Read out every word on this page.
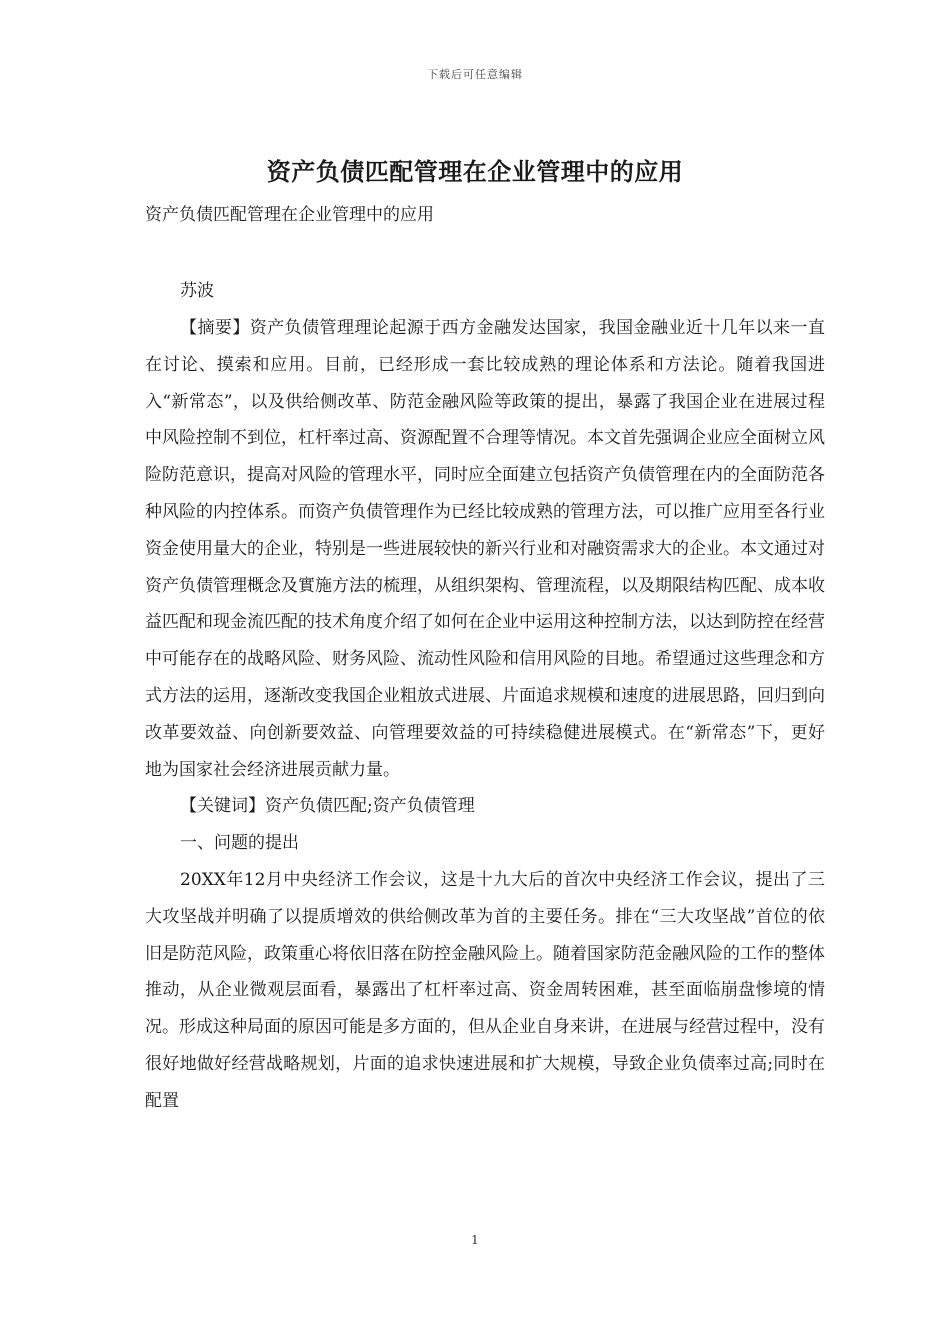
下载后可任意编辑
资产负债匹配管理在企业管理中的应用
资产负债匹配管理在企业管理中的应用
苏波

【摘要】资产负债管理理论起源于西方金融发达国家，我国金融业近十几年以来一直在讨论、摸索和应用。目前，已经形成一套比较成熟的理论体系和方法论。随着我国进入“新常态”，以及供给侧改革、防范金融风险等政策的提出，暴露了我国企业在进展过程中风险控制不到位，杠杆率过高、资源配置不合理等情况。本文首先强调企业应全面树立风险防范意识，提高对风险的管理水平，同时应全面建立包括资产负债管理在内的全面防范各种风险的内控体系。而资产负债管理作为已经比较成熟的管理方法，可以推广应用至各行业资金使用量大的企业，特别是一些进展较快的新兴行业和对融资需求大的企业。本文通过对资产负债管理概念及實施方法的梳理，从组织架构、管理流程，以及期限结构匹配、成本收益匹配和现金流匹配的技术角度介绍了如何在企业中运用这种控制方法，以达到防控在经营中可能存在的战略风险、财务风险、流动性风险和信用风险的目地。希望通过这些理念和方式方法的运用，逐渐改变我国企业粗放式进展、片面追求规模和速度的进展思路，回归到向改革要效益、向创新要效益、向管理要效益的可持续稳健进展模式。在“新常态”下，更好地为国家社会经济进展贡献力量。

【关键词】资产负债匹配;资产负债管理

一、问题的提出

20XX年12月中央经济工作会议，这是十九大后的首次中央经济工作会议，提出了三大攻坚战并明确了以提质增效的供给侧改革为首的主要任务。排在“三大攻坚战”首位的依旧是防范风险，政策重心将依旧落在防控金融风险上。随着国家防范金融风险的工作的整体推动，从企业微观层面看，暴露出了杠杆率过高、资金周转困难，甚至面临崩盘惨境的情况。形成这种局面的原因可能是多方面的，但从企业自身来讲，在进展与经营过程中，没有很好地做好经营战略规划，片面的追求快速进展和扩大规模，导致企业负债率过高;同时在配置

1
